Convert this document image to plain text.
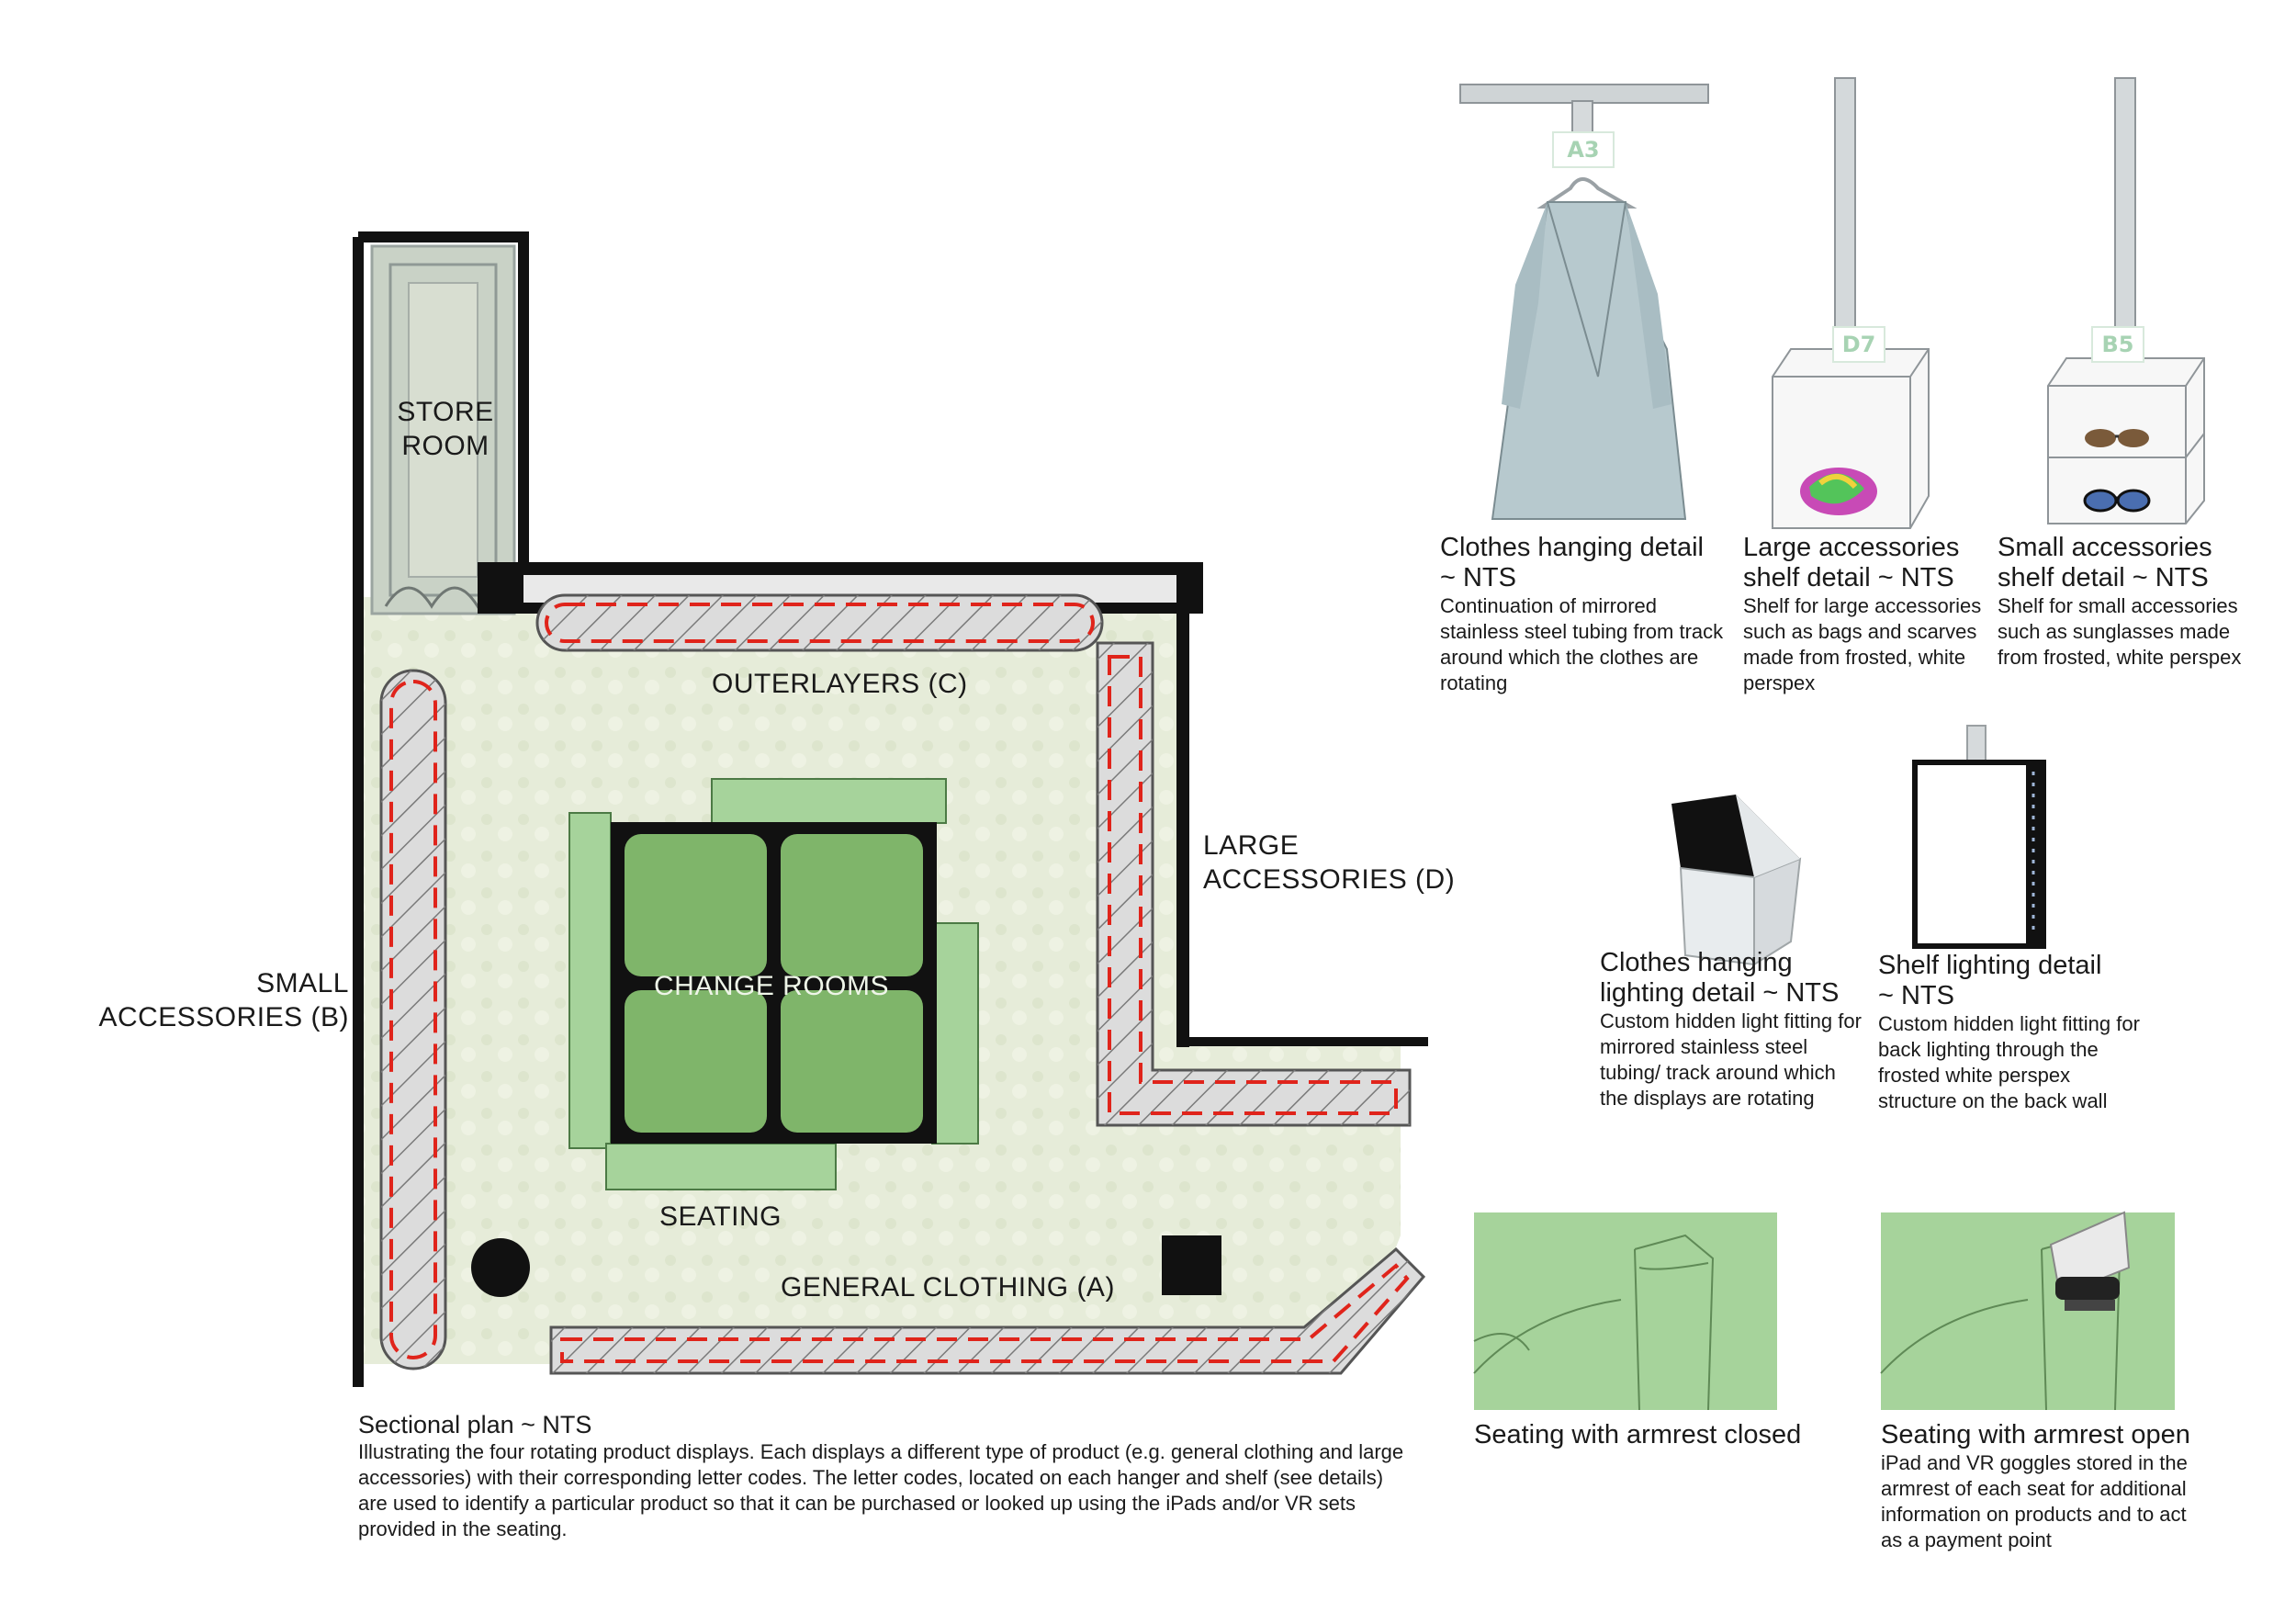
STORE
ROOM
OUTERLAYERS (C)
LARGE
ACCESSORIES (D)
SMALL
ACCESSORIES (B)
CHANGE ROOMS
SEATING
GENERAL CLOTHING (A)
Sectional plan ~ NTS
Illustrating the four rotating product displays. Each displays a different type of product (e.g. general clothing and large accessories) with their corresponding letter codes. The letter codes, located on each hanger and shelf (see details) are used to identify a particular product so that it can be purchased or looked up using the iPads and/or VR sets provided in the seating.
A3
Clothes hanging detail
~ NTS
Continuation of mirrored stainless steel tubing from track around which the clothes are rotating
D7
Large accessories
shelf detail ~ NTS
Shelf for large accessories such as bags and scarves made from frosted, white perspex
B5
Small accessories
shelf detail ~ NTS
Shelf for small accessories such as sunglasses made from frosted, white perspex
Clothes hanging
lighting detail ~ NTS
Custom hidden light fitting for mirrored stainless steel tubing/ track around which the displays are rotating
Shelf lighting detail
~ NTS
Custom hidden light fitting for back lighting through the frosted white perspex structure on the back wall
Seating with armrest closed	Seating with armrest open
iPad and VR goggles stored in the armrest of each seat for additional information on products and to act as a payment point
